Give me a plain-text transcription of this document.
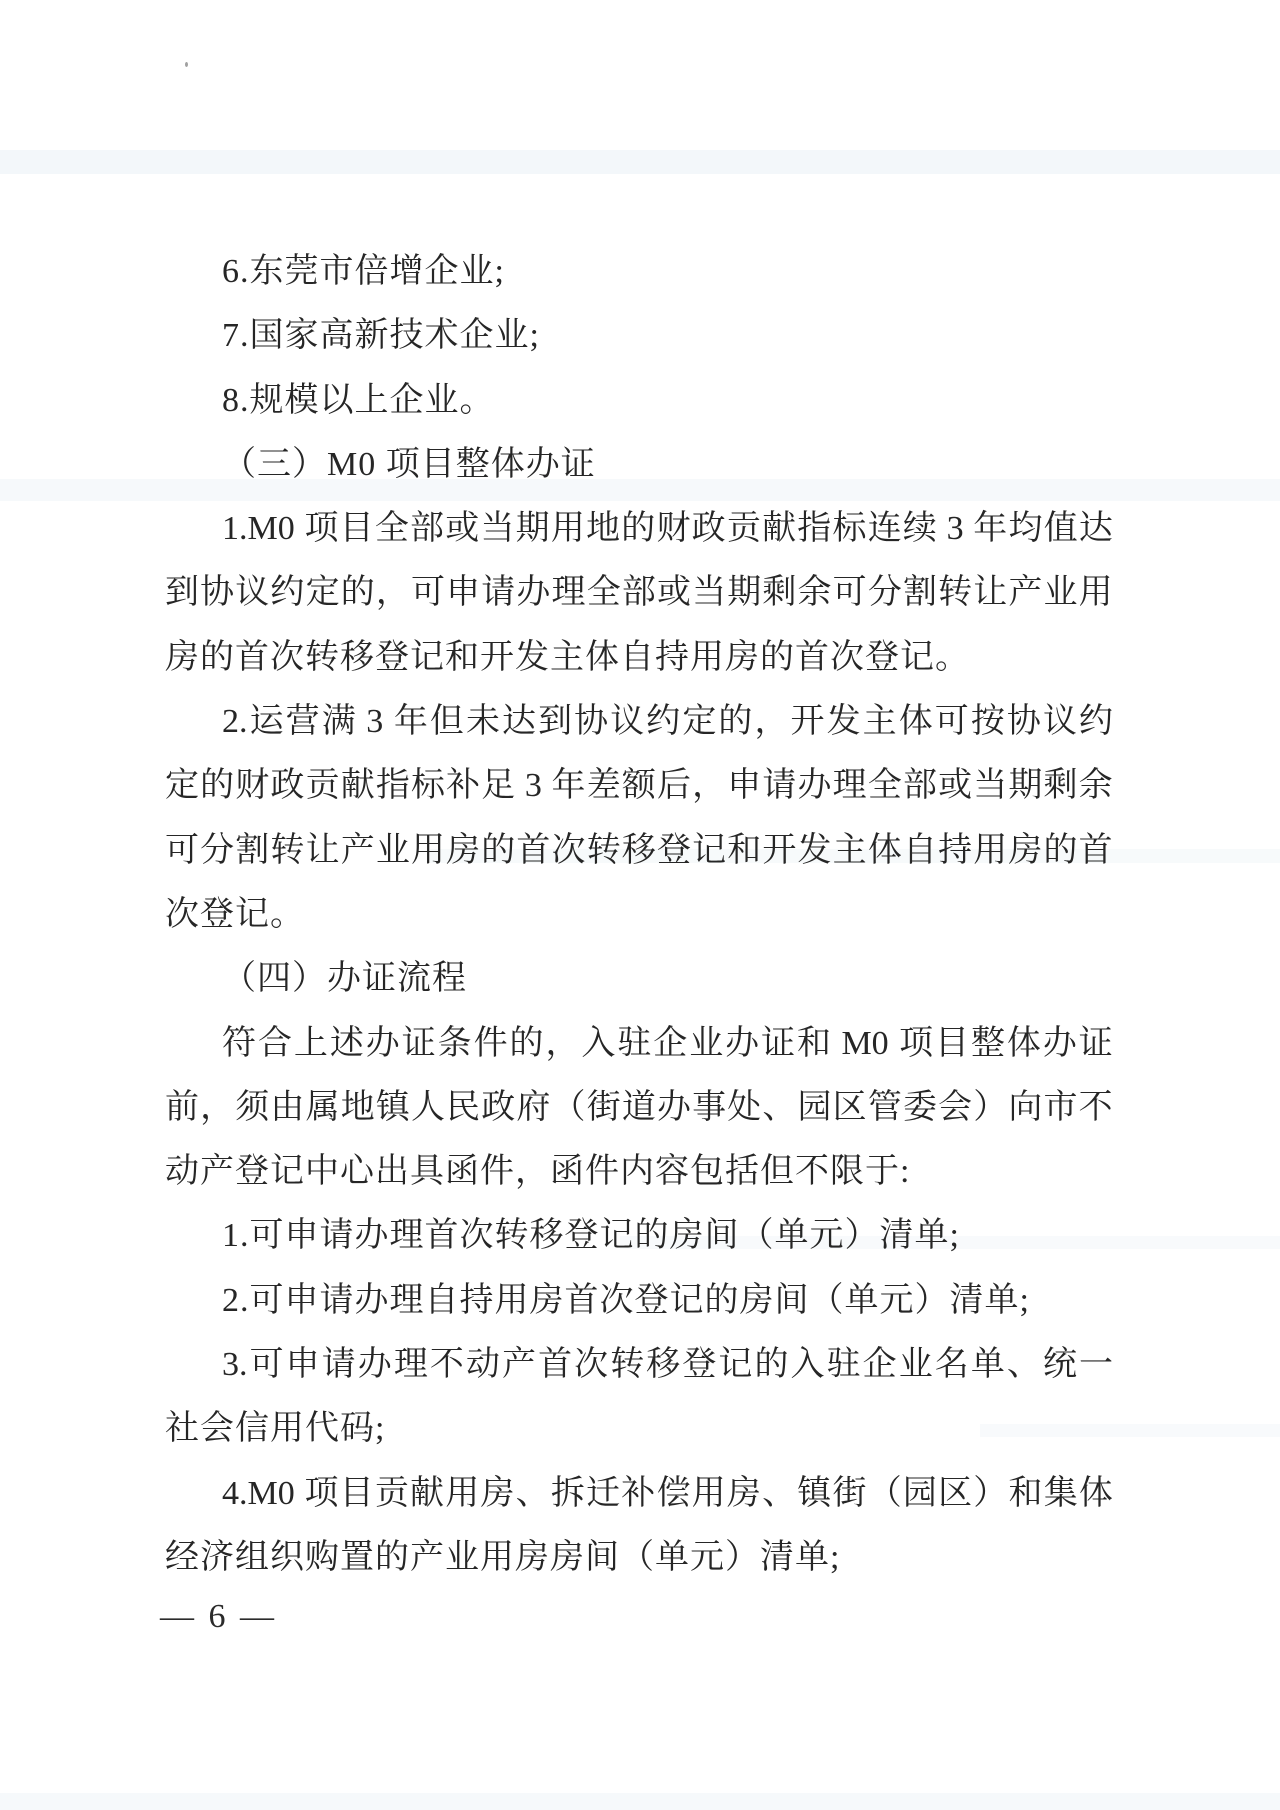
6.东莞市倍增企业;
7.国家高新技术企业;
8.规模以上企业。
（三）M0 项目整体办证
1.M0 项 目 全 部 或 当 期 用 地 的 财 政 贡 献 指 标 连 续 3 年 均 值 达
到 协 议 约 定 的 ， 可 申 请 办 理 全 部 或 当 期 剩 余 可 分 割 转 让 产 业 用
房的首次转移登记和开发主体自持用房的首次登记。
2. 运 营 满 3 年 但 未 达 到 协 议 约 定 的 ， 开 发 主 体 可 按 协 议 约
定 的 财 政 贡 献 指 标 补 足 3 年 差 额 后 ， 申 请 办 理 全 部 或 当 期 剩 余
可 分 割 转 让 产 业 用 房 的 首 次 转 移 登 记 和 开 发 主 体 自 持 用 房 的 首
次登记。
（四）办证流程
符 合 上 述 办 证 条 件 的 ， 入 驻 企 业 办 证 和 M0 项 目 整 体 办 证
前 ， 须 由 属 地 镇 人 民 政 府 （ 街 道 办 事 处 、 园 区 管 委 会 ） 向 市 不
动产登记中心出具函件，函件内容包括但不限于:
1.可申请办理首次转移登记的房间（单元）清单;
2.可申请办理自持用房首次登记的房间（单元）清单;
3. 可 申 请 办 理 不 动 产 首 次 转 移 登 记 的 入 驻 企 业 名 单 、 统 一
社会信用代码;
4.M0 项 目 贡 献 用 房 、 拆 迁 补 偿 用 房 、 镇 街 （ 园 区 ） 和 集 体
经济组织购置的产业用房房间（单元）清单;
— 6 —
